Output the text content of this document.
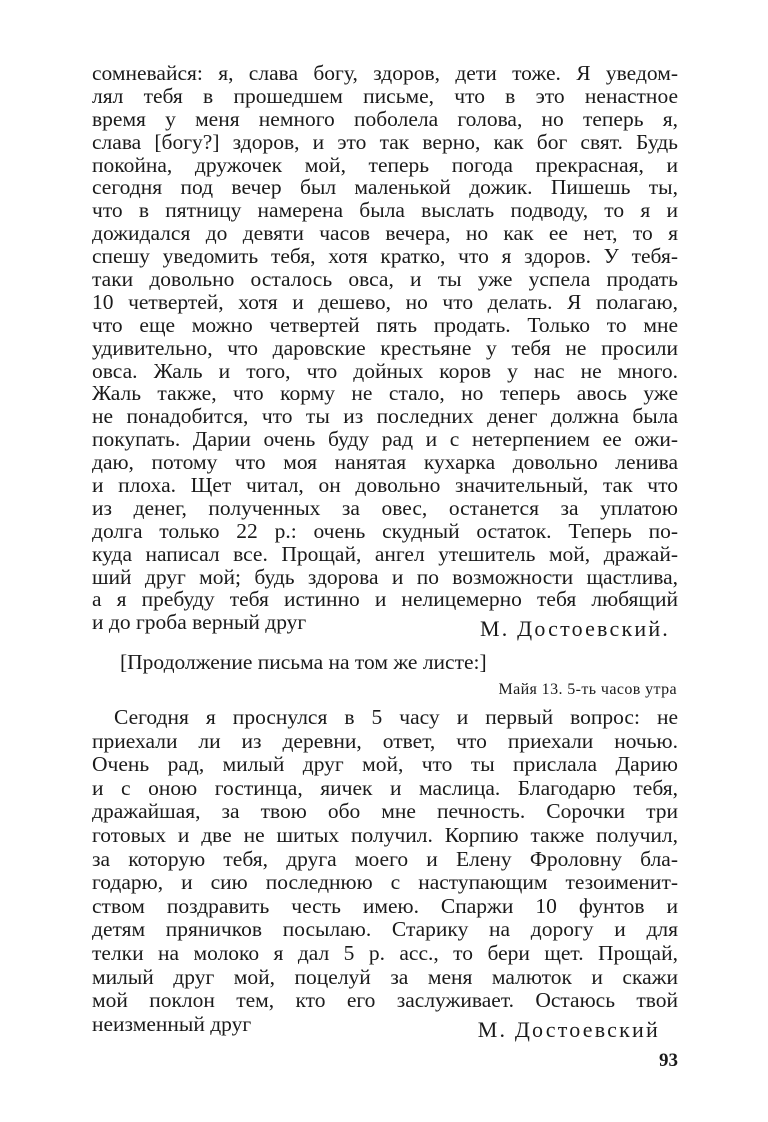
сомневайся: я, слава богу, здоров, дети тоже. Я уведом-
лял тебя в прошедшем письме, что в это ненастное
время у меня немного поболела голова, но теперь я,
слава [богу?] здоров, и это так верно, как бог свят. Будь
покойна, дружочек мой, теперь погода прекрасная, и
сегодня под вечер был маленькой дожик. Пишешь ты,
что в пятницу намерена была выслать подводу, то я и
дожидался до девяти часов вечера, но как ее нет, то я
спешу уведомить тебя, хотя кратко, что я здоров. У тебя-
таки довольно осталось овса, и ты уже успела продать
10 четвертей, хотя и дешево, но что делать. Я полагаю,
что еще можно четвертей пять продать. Только то мне
удивительно, что даровские крестьяне у тебя не просили
овса. Жаль и того, что дойных коров у нас не много.
Жаль также, что корму не стало, но теперь авось уже
не понадобится, что ты из последних денег должна была
покупать. Дарии очень буду рад и с нетерпением ее ожи-
даю, потому что моя нанятая кухарка довольно ленива
и плоха. Щет читал, он довольно значительный, так что
из денег, полученных за овес, останется за уплатою
долга только 22 р.: очень скудный остаток. Теперь по-
куда написал все. Прощай, ангел утешитель мой, дражай-
ший друг мой; будь здорова и по возможности щастлива,
а я пребуду тебя истинно и нелицемерно тебя любящий
и до гроба верный друг	М. Достоевский.
[Продолжение письма на том же листе:]
Майя 13. 5-ть часов утра
Сегодня я проснулся в 5 часу и первый вопрос: не
приехали ли из деревни, ответ, что приехали ночью.
Очень рад, милый друг мой, что ты прислала Дарию
и с оною гостинца, яичек и маслица. Благодарю тебя,
дражайшая, за твою обо мне печность. Сорочки три
готовых и две не шитых получил. Корпию также получил,
за которую тебя, друга моего и Елену Фроловну бла-
годарю, и сию последнюю с наступающим тезоименит-
ством поздравить честь имею. Спаржи 10 фунтов и
детям пряничков посылаю. Старику на дорогу и для
телки на молоко я дал 5 р. асс., то бери щет. Прощай,
милый друг мой, поцелуй за меня малюток и скажи
мой поклон тем, кто его заслуживает. Остаюсь твой
неизменный друг	М. Достоевский
93
